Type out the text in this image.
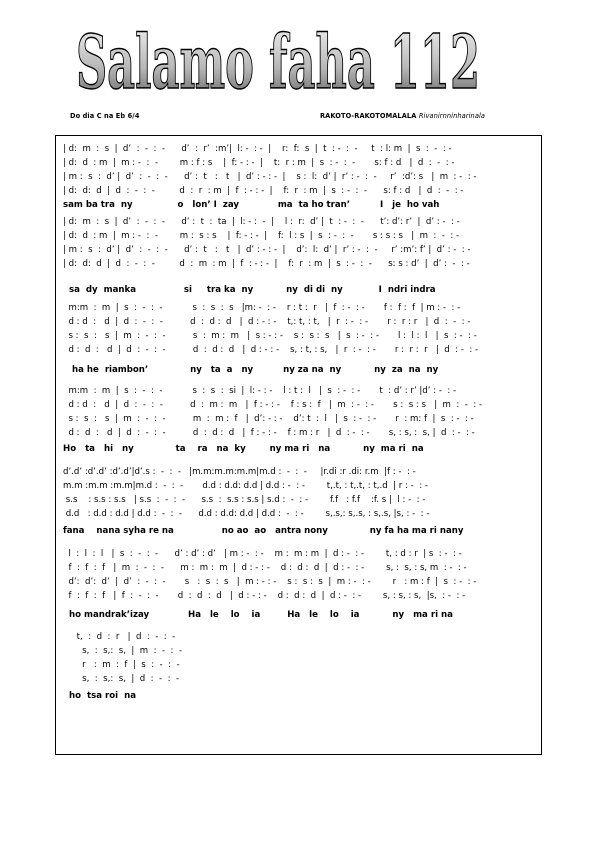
Salamo faha 112
Do dia C na Eb 6/4	RAKOTO-RAKOTOMALALA Rivanirnninharinala
| d:  m  :  s  |  d’  :  -  :  -      d’  :  r’  :m’|  l: -  : -  |    r:  f:  s  |  t  : -  :  -     t  : l: m  |  s  :  -  : -
| d:  d  : m  |  m : -  :  -        m : f : s    |  f: - : -  |    t:  r : m  |  s  : -  :  -       s: f : d   |  d  :  -  : -
| m :  s  :  d’ |  d’  :  -  :  -      d’ :  t   :   t   |  d’ : - : -  |    s :  l:  d’ |  r’ : -  :  -     r’  :d’: s   |  m  : -  : -
| d:  d:  d  |  d  :  -  :  -         d  :  r  : m  |  f  : - : -  |    f:  r  : m  |  s  : -  :  -      s: f : d   |  d  :  -  : -
sam ba tra  ny               o   lon’ I  zay             ma  ta ho tran’          I   je  ho vah
| d:  m  :  s  |  d’  :  -  :  -      d’ :  t  :  ta  |  l: - :  -  |    l :  r:  d’ |  t  : -  :  -      t’: d’: r’  |  d’ : -  : -
| d:  d  : m  |  m : -  :  -        m :  s : s    |  f: - : -  |    f:  l : s  |  s  : -  :  -       s : s : s   |  m  :  -  : -
| m :  s  :  d’ |  d’  :  -  :  -      d’ :  t   :   t   |  d’ : - : -  |    d’:  l:  d’ |  r’ : -  :  -     r’ :m’: f’ |  d’ : -  : -
| d:  d:  d  |  d  :  -  :  -         d  :  m  : m  |  f  : - : -  |    f:  r  : m  |  s  : -  :  -      s: s : d’  |  d’ :  -  : -
sa  dy  manka                si     tra ka  ny           ny  di di  ny            I  ndri indra
m:m  :  m  |  s  :  -  :  -           s  :  s  :  s   |m: -  : -    r : t :  r   |  f  : -  : -       f :  f :  f  | m : -  : -
d : d  :   d  |  d  :  -  :  -          d  :  d :  d   |  d : - : -    t,: t, : t,   |  r  : -  : -       r :  r : r   |  d  :  -  : -
s :  s  :   s  |  m  :  -  :  -          s  :  m :  m   |  s : - : -    s :  s :  s   |  s  : -  : -       l :  l :  l   |  s  : -  : -
d :  d  :   d  |  d  :  -  :  -          d  :  d :  d   |  d : - : -    s, : t, : s,   |  r  : -  : -       r :  r :  r   |  d  : -  : -
ha he  riambon’              ny   ta  a   ny          ny za na  ny           ny  za  na  ny
m:m  :  m  |  s  :  -  :  -           s  :  s  :  si  |  l: - : -    l : t :  l   |  s  : -  : -       t  : d’ : r’ |d’ : -  : -
d : d  :   d  |  d  :  -  :  -          d  :  m :  m   |  f : - : -    f : s :  f   |  m  : -  : -       s :  s : s   |  m  :  -  : -
s :  s  :   s  |  m  :  -  :  -          m  :  m :  f   |  d’: - : -    d’: t  :  l   |  s  : -  : -       r  : m: f  |  s  : -  : -
d :  d  :   d  |  d  :  -  :  -          d  :  d :  d   |  f : - : -    f : m : r   |  d  : -  : -       s, : s, :  s, |  d  : -  : -
Ho   ta   hi   ny              ta    ra   na  ky        ny ma ri   na           ny  ma ri  na
d’.d’ :d’.d’ :d’.d’|d’.s :  -  :  -   |m.m:m.m:m.m|m.d :  -  :  -     |r.di :r .di: r.m  |f : -  : -
m.m :m.m :m.m|m.d :  -  :  -       d.d : d.d: d.d | d.d : -  : -        t,.t, : t,.t, : t,.d  | r : -  : -
s.s    : s.s : s.s   | s.s  :  -  :  -      s.s  :  s.s : s.s | s.d :  -  : -        f.f   : f.f    :f. s |  l : -  : -
d.d   : d.d : d.d | d.d :  -  :  -      d.d : d.d: d.d | d.d :  -  : -        s,.s,: s,.s, : s,.s, |s, : -  : -
fana    nana syha re na                no ao  ao   antra nony              ny fa ha ma ri nany
l  :  l  :  l   |  s  :  -  :  -      d’ : d’ : d’   | m : -  : -    m :  m : m  |  d : -  : -        t, : d : r  | s  : -  : -
f  :  f  :  f   |  m  :  -  :  -      m :  m :  m  |  d : - : -    d :  d :  d  |  d : -  : -        s, :  s, : s, m  : -  : -
d’:  d’:  d’  |  d’  :  -  :  -       s   :  s  :  s   |  m : - : -    s :  s :  s  |  m : -  : -        r   : m : f  |  s  : -  : -
f  :  f  :  f   |  f  :  -  :  -       d  :  d  :  d   |  d : - : -    d :  d :  d  |  d : -  : -        s, : s, : s,  |s,  : -  : -
ho mandrak’izay             Ha   le    lo    ia         Ha   le    lo    ia           ny   ma ri na
t,  :  d  :  r   |  d  :  -  :  -
s,  :  s,:  s,  |  m  :  -  :  -
r   :  m  :  f  |  s  :  -  :  -
s,  :  s,:  s,  |  d  :  -  :  -
ho  tsa roi  na
